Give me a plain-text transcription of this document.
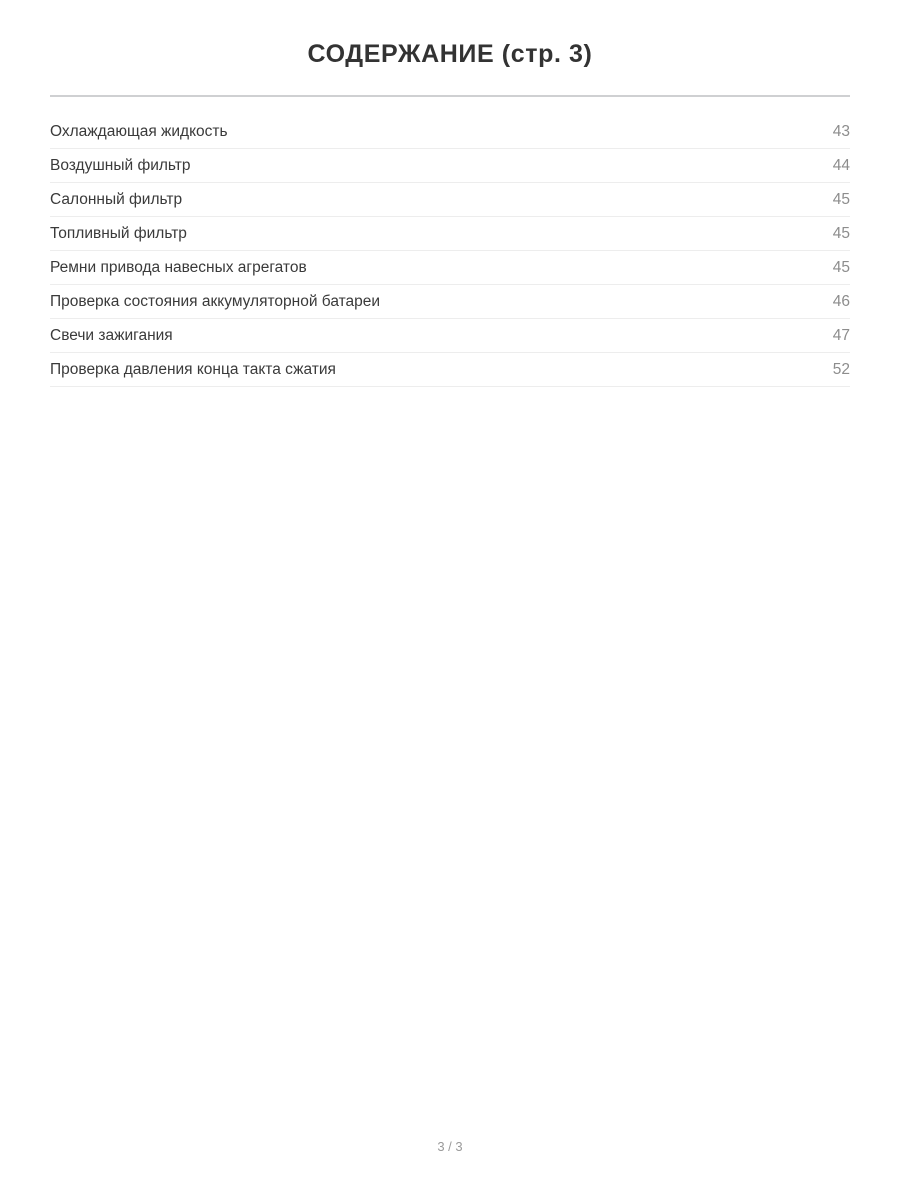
СОДЕРЖАНИЕ (стр. 3)
Охлаждающая жидкость	43
Воздушный фильтр	44
Салонный фильтр	45
Топливный фильтр	45
Ремни привода навесных агрегатов	45
Проверка состояния аккумуляторной батареи	46
Свечи зажигания	47
Проверка давления конца такта сжатия	52
3 / 3
